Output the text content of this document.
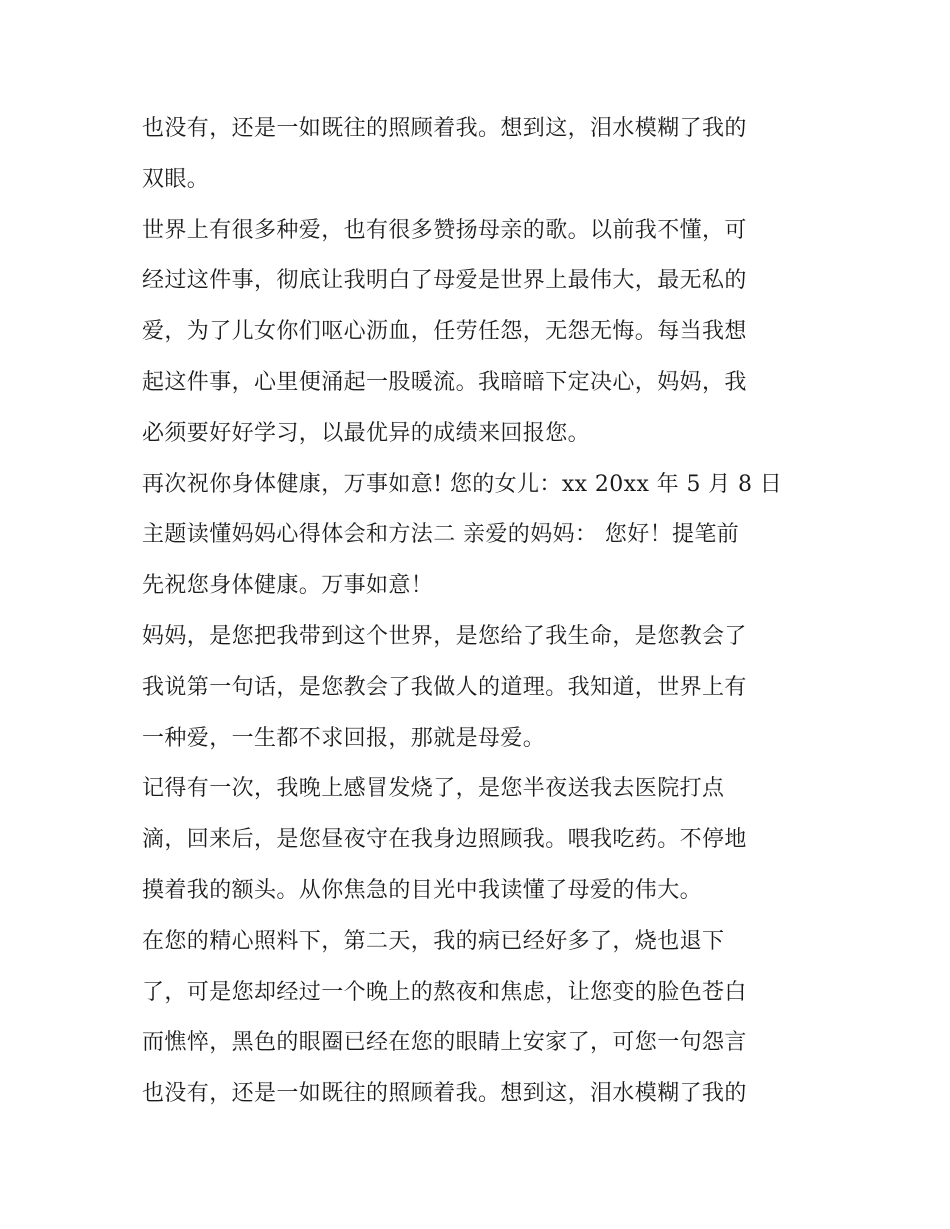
也没有，还是一如既往的照顾着我。想到这，泪水模糊了我的
双眼。
世界上有很多种爱，也有很多赞扬母亲的歌。以前我不懂，可
经过这件事，彻底让我明白了母爱是世界上最伟大，最无私的
爱，为了儿女你们呕心沥血，任劳任怨，无怨无悔。每当我想
起这件事，心里便涌起一股暖流。我暗暗下定决心，妈妈，我
必须要好好学习，以最优异的成绩来回报您。
再次祝你身体健康，万事如意! 您的女儿：xx 20xx 年 5 月 8 日
主题读懂妈妈心得体会和方法二 亲爱的妈妈： 您好！提笔前
先祝您身体健康。万事如意！
妈妈，是您把我带到这个世界，是您给了我生命，是您教会了
我说第一句话，是您教会了我做人的道理。我知道，世界上有
一种爱，一生都不求回报，那就是母爱。
记得有一次，我晚上感冒发烧了，是您半夜送我去医院打点
滴，回来后，是您昼夜守在我身边照顾我。喂我吃药。不停地
摸着我的额头。从你焦急的目光中我读懂了母爱的伟大。
在您的精心照料下，第二天，我的病已经好多了，烧也退下
了，可是您却经过一个晚上的熬夜和焦虑，让您变的脸色苍白
而憔悴，黑色的眼圈已经在您的眼睛上安家了，可您一句怨言
也没有，还是一如既往的照顾着我。想到这，泪水模糊了我的
